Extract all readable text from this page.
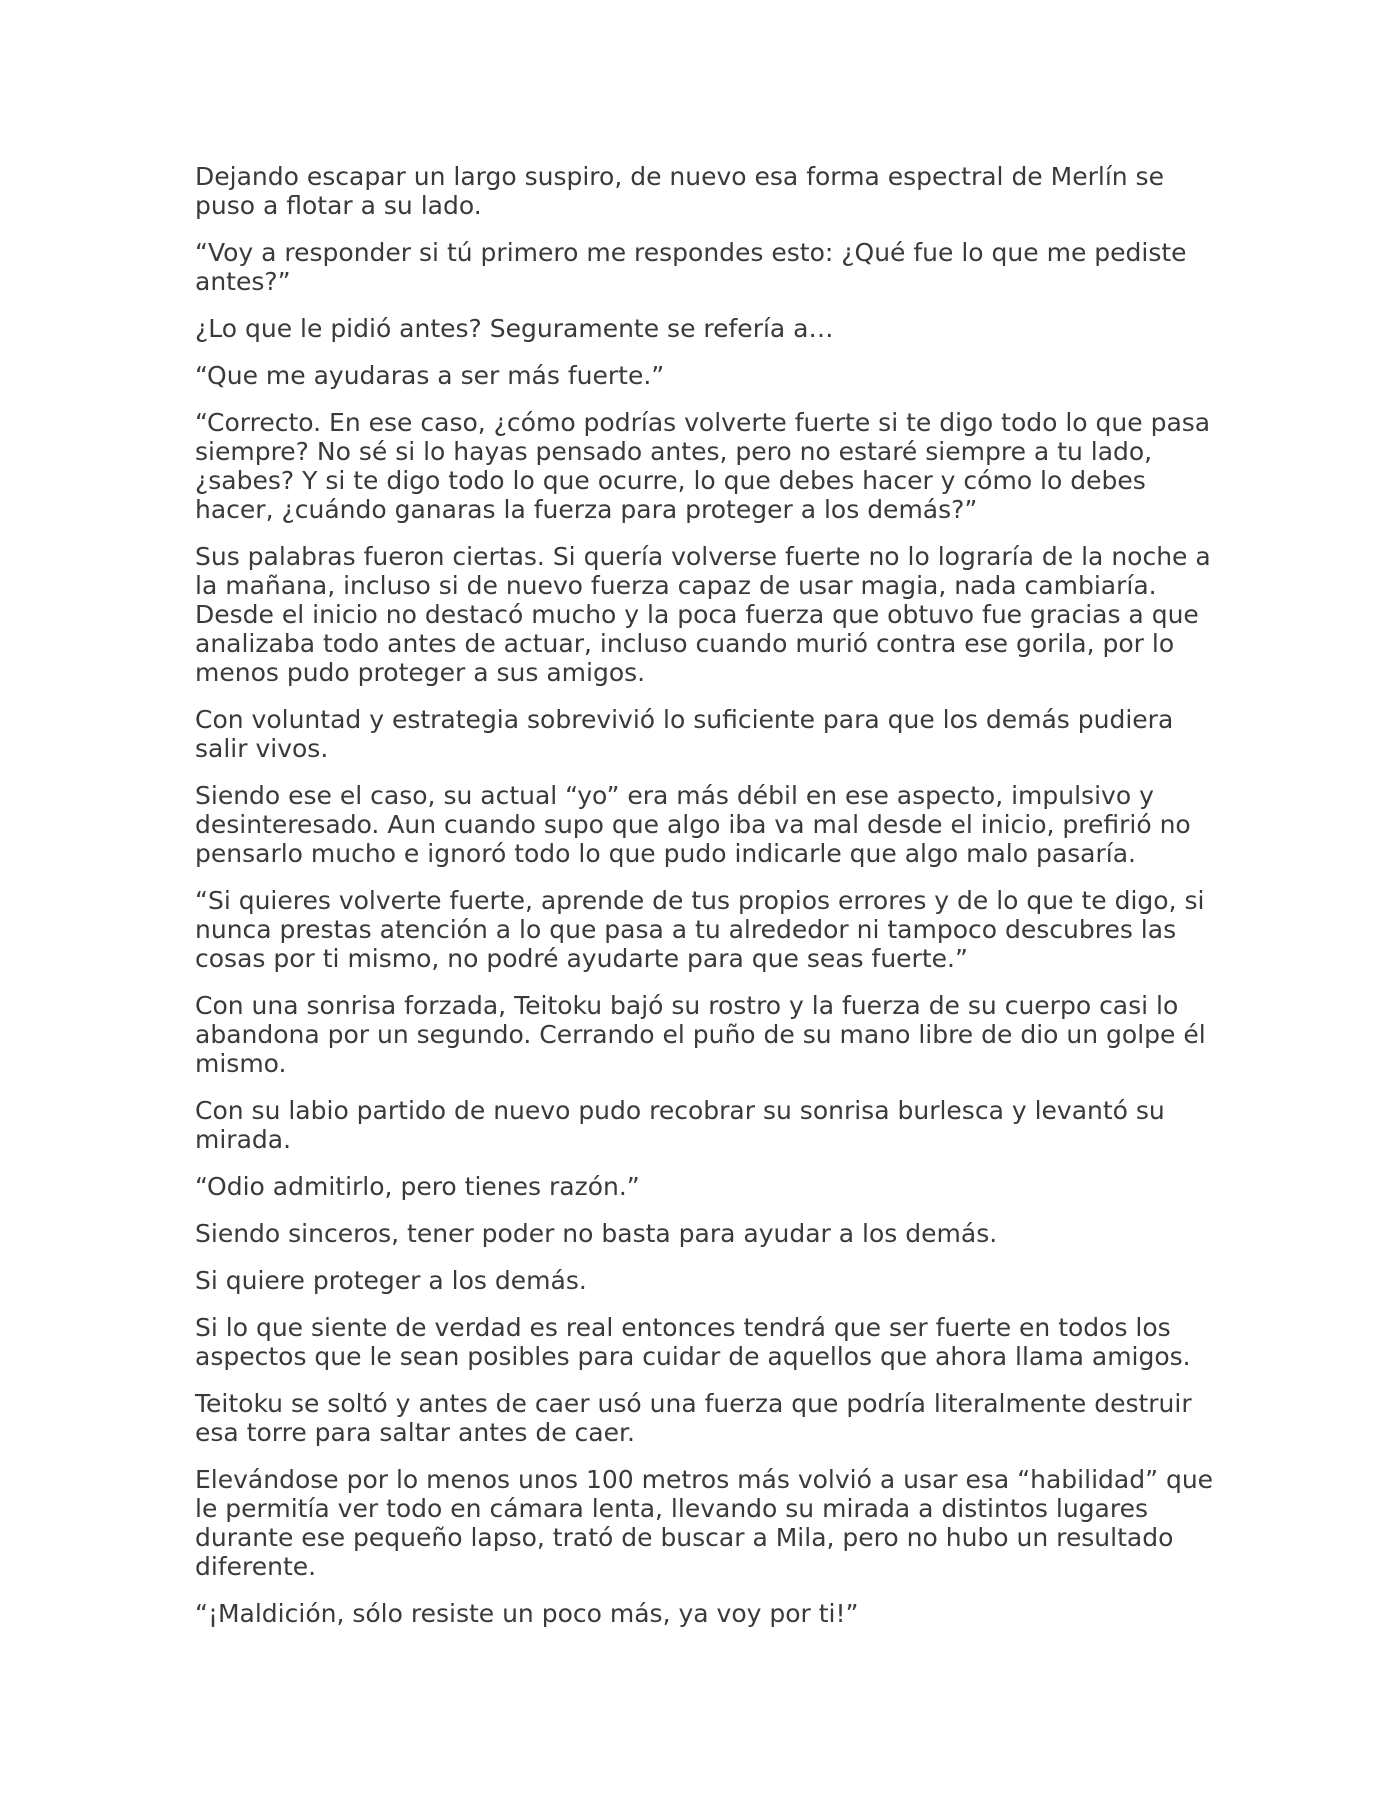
Dejando escapar un largo suspiro, de nuevo esa forma espectral de Merlín se puso a flotar a su lado.

“Voy a responder si tú primero me respondes esto: ¿Qué fue lo que me pediste antes?”

¿Lo que le pidió antes? Seguramente se refería a…

“Que me ayudaras a ser más fuerte.”

“Correcto. En ese caso, ¿cómo podrías volverte fuerte si te digo todo lo que pasa siempre? No sé si lo hayas pensado antes, pero no estaré siempre a tu lado, ¿sabes? Y si te digo todo lo que ocurre, lo que debes hacer y cómo lo debes hacer, ¿cuándo ganaras la fuerza para proteger a los demás?”

Sus palabras fueron ciertas. Si quería volverse fuerte no lo lograría de la noche a la mañana, incluso si de nuevo fuerza capaz de usar magia, nada cambiaría. Desde el inicio no destacó mucho y la poca fuerza que obtuvo fue gracias a que analizaba todo antes de actuar, incluso cuando murió contra ese gorila, por lo menos pudo proteger a sus amigos.

Con voluntad y estrategia sobrevivió lo suficiente para que los demás pudiera salir vivos.

Siendo ese el caso, su actual “yo” era más débil en ese aspecto, impulsivo y desinteresado. Aun cuando supo que algo iba va mal desde el inicio, prefirió no pensarlo mucho e ignoró todo lo que pudo indicarle que algo malo pasaría.

“Si quieres volverte fuerte, aprende de tus propios errores y de lo que te digo, si nunca prestas atención a lo que pasa a tu alrededor ni tampoco descubres las cosas por ti mismo, no podré ayudarte para que seas fuerte.”

Con una sonrisa forzada, Teitoku bajó su rostro y la fuerza de su cuerpo casi lo abandona por un segundo. Cerrando el puño de su mano libre de dio un golpe él mismo.

Con su labio partido de nuevo pudo recobrar su sonrisa burlesca y levantó su mirada.

“Odio admitirlo, pero tienes razón.”

Siendo sinceros, tener poder no basta para ayudar a los demás.

Si quiere proteger a los demás.

Si lo que siente de verdad es real entonces tendrá que ser fuerte en todos los aspectos que le sean posibles para cuidar de aquellos que ahora llama amigos.

Teitoku se soltó y antes de caer usó una fuerza que podría literalmente destruir esa torre para saltar antes de caer.

Elevándose por lo menos unos 100 metros más volvió a usar esa “habilidad” que le permitía ver todo en cámara lenta, llevando su mirada a distintos lugares durante ese pequeño lapso, trató de buscar a Mila, pero no hubo un resultado diferente.

“¡Maldición, sólo resiste un poco más, ya voy por ti!”
